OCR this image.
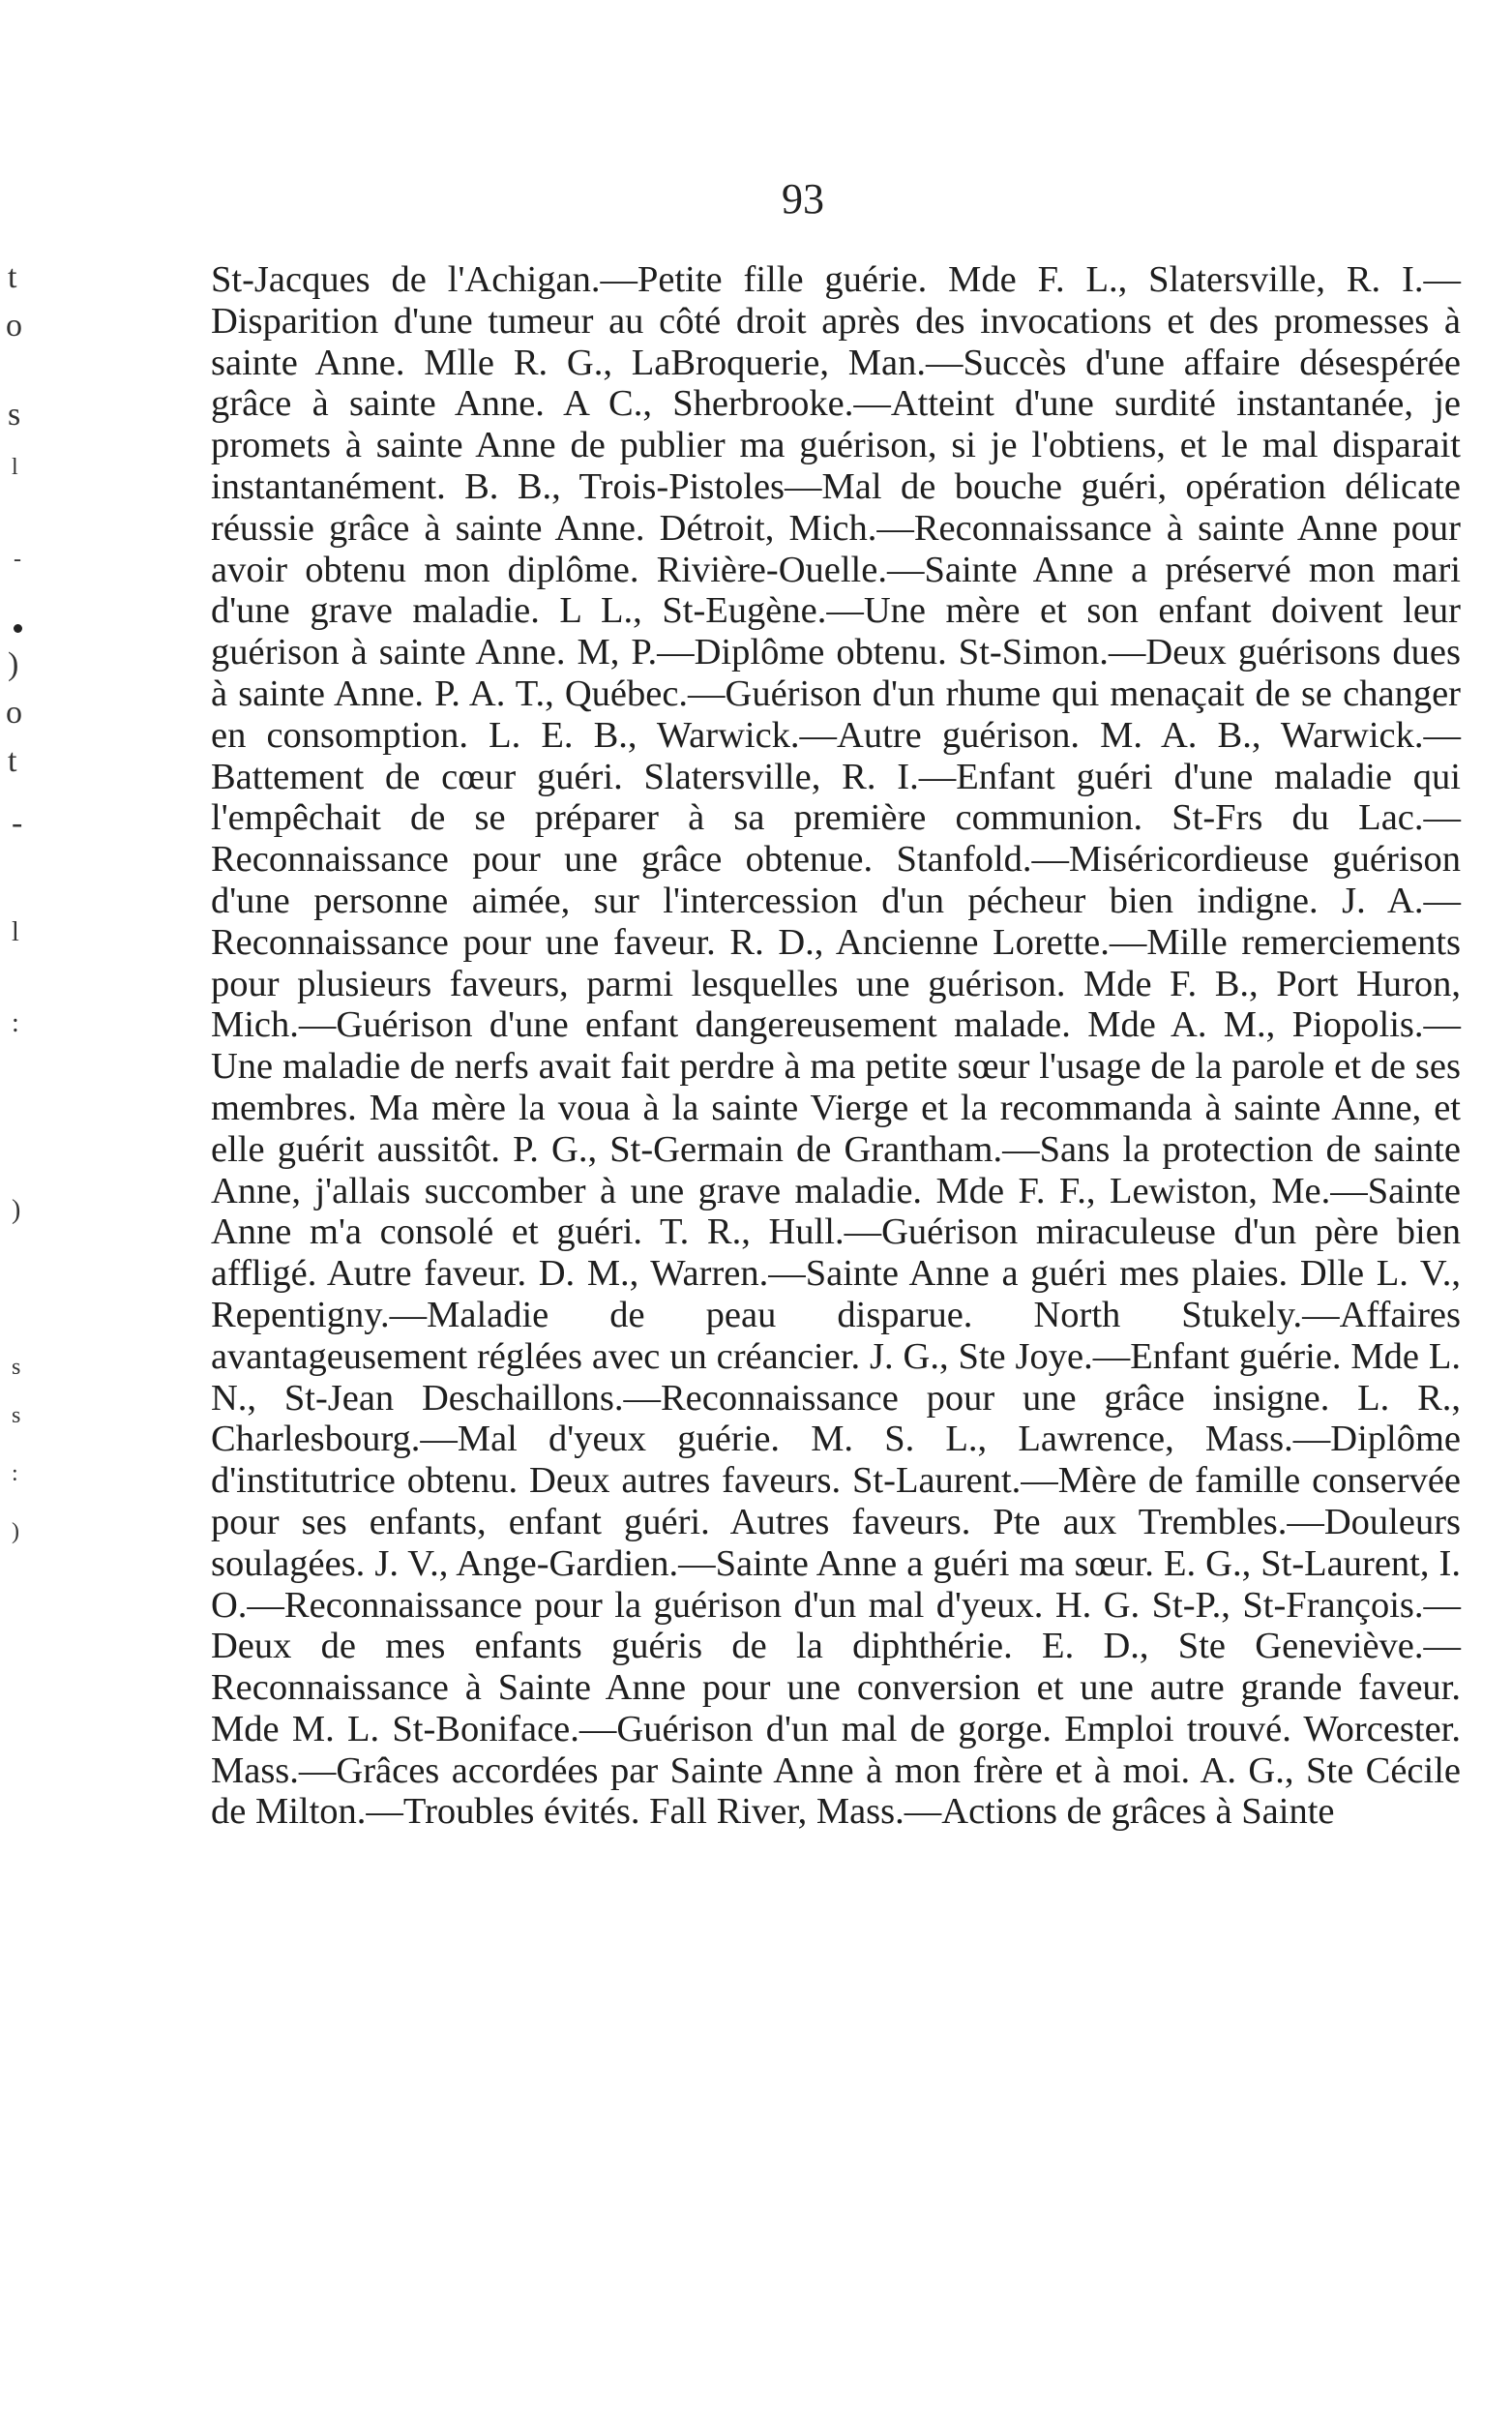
t
o
s
l
-
)
o
t
-
l
:
)
s
s
:
)
93
St-Jacques de l'Achigan.—Petite fille guérie. Mde F. L., Slatersville, R. I.—Disparition d'une tumeur au côté droit après des invocations et des promesses à sainte Anne. Mlle R. G., LaBroquerie, Man.—Succès d'une affaire désespérée grâce à sainte Anne. A C., Sherbrooke.—Atteint d'une surdité instantanée, je promets à sainte Anne de publier ma guérison, si je l'obtiens, et le mal disparait instantanément. B. B., Trois-Pistoles—Mal de bouche guéri, opération délicate réussie grâce à sainte Anne. Détroit, Mich.—Reconnaissance à sainte Anne pour avoir obtenu mon diplôme. Rivière-Ouelle.—Sainte Anne a préservé mon mari d'une grave maladie. L L., St-Eugène.—Une mère et son enfant doivent leur guérison à sainte Anne. M, P.—Diplôme obtenu. St-Simon.—Deux guérisons dues à sainte Anne. P. A. T., Québec.—Guérison d'un rhume qui menaçait de se changer en consomption. L. E. B., Warwick.—Autre guérison. M. A. B., Warwick.—Battement de cœur guéri. Slatersville, R. I.—Enfant guéri d'une maladie qui l'empêchait de se préparer à sa première communion. St-Frs du Lac.—Reconnaissance pour une grâce obtenue. Stanfold.—Miséricordieuse guérison d'une personne aimée, sur l'intercession d'un pécheur bien indigne. J. A.—Reconnaissance pour une faveur. R. D., Ancienne Lorette.—Mille remerciements pour plusieurs faveurs, parmi lesquelles une guérison. Mde F. B., Port Huron, Mich.—Guérison d'une enfant dangereusement malade. Mde A. M., Piopolis.—Une maladie de nerfs avait fait perdre à ma petite sœur l'usage de la parole et de ses membres. Ma mère la voua à la sainte Vierge et la recommanda à sainte Anne, et elle guérit aussitôt. P. G., St-Germain de Grantham.—Sans la protection de sainte Anne, j'allais succomber à une grave maladie. Mde F. F., Lewiston, Me.—Sainte Anne m'a consolé et guéri. T. R., Hull.—Guérison miraculeuse d'un père bien affligé. Autre faveur. D. M., Warren.—Sainte Anne a guéri mes plaies. Dlle L. V., Repentigny.—Maladie de peau disparue. North Stukely.—Affaires avantageusement réglées avec un créancier. J. G., Ste Joye.—Enfant guérie. Mde L. N., St-Jean Deschaillons.—Reconnaissance pour une grâce insigne. L. R., Charlesbourg.—Mal d'yeux guérie. M. S. L., Lawrence, Mass.—Diplôme d'institutrice obtenu. Deux autres faveurs. St-Laurent.—Mère de famille conservée pour ses enfants, enfant guéri. Autres faveurs. Pte aux Trembles.—Douleurs soulagées. J. V., Ange-Gardien.—Sainte Anne a guéri ma sœur. E. G., St-Laurent, I. O.—Reconnaissance pour la guérison d'un mal d'yeux. H. G. St-P., St-François.—Deux de mes enfants guéris de la diphthérie. E. D., Ste Geneviève.—Reconnaissance à Sainte Anne pour une conversion et une autre grande faveur. Mde M. L. St-Boniface.—Guérison d'un mal de gorge. Emploi trouvé. Worcester. Mass.—Grâces accordées par Sainte Anne à mon frère et à moi. A. G., Ste Cécile de Milton.—Troubles évités. Fall River, Mass.—Actions de grâces à Sainte
